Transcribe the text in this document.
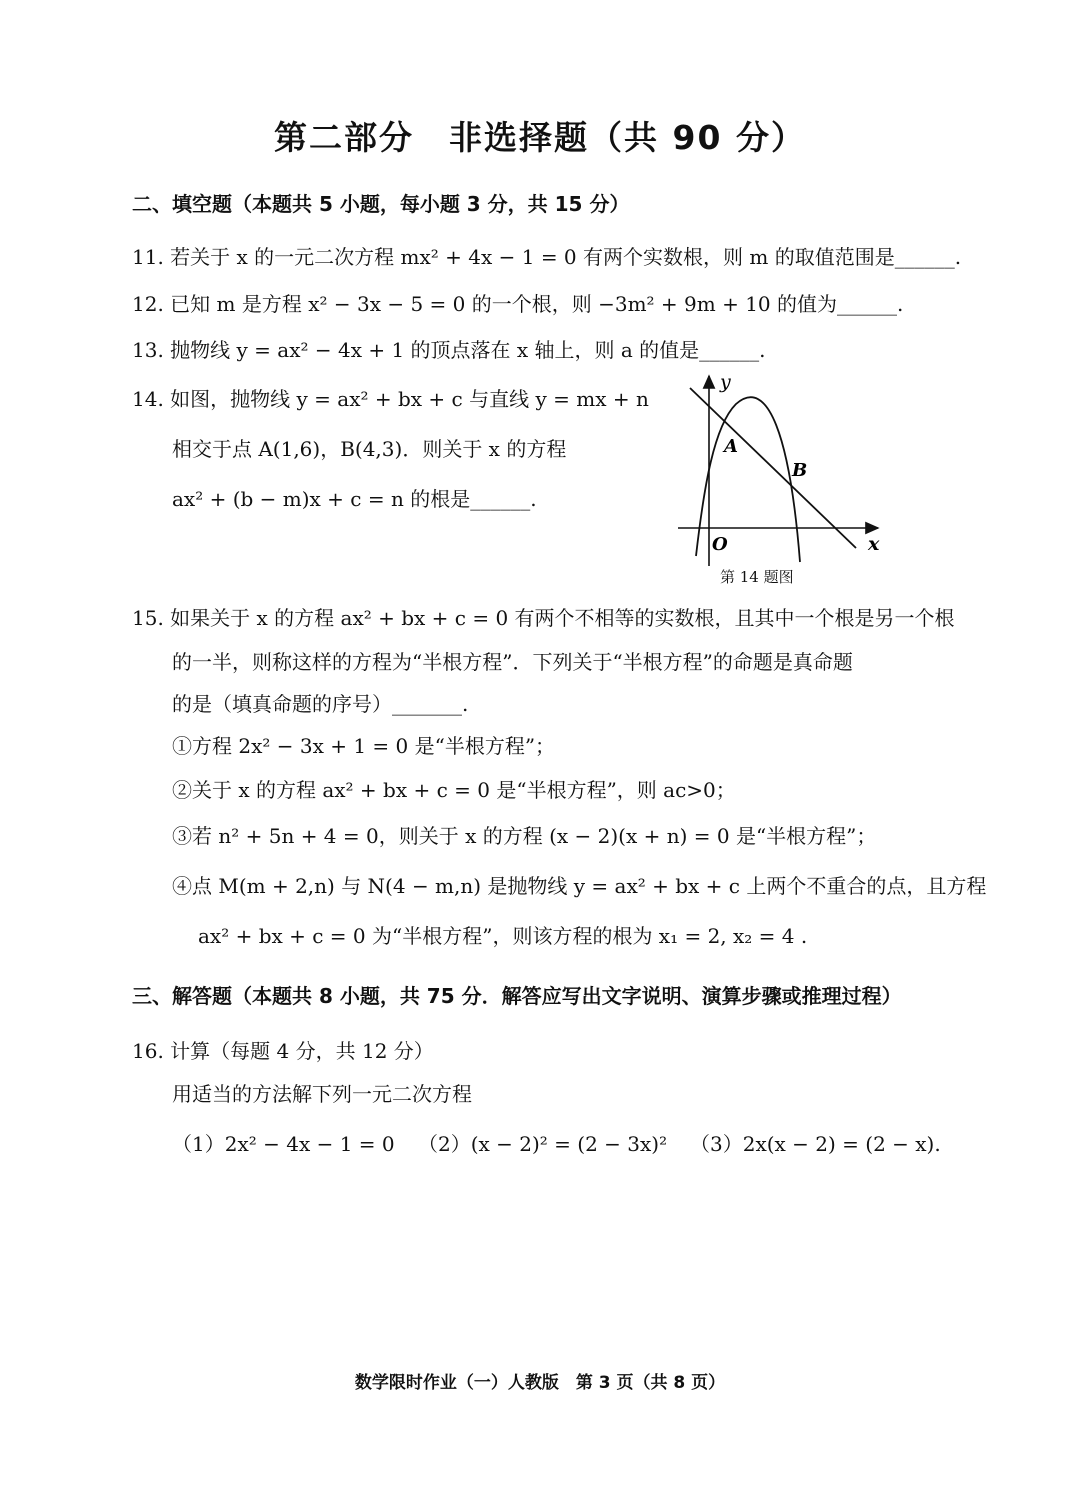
第二部分　非选择题（共 90 分）
二、填空题（本题共 5 小题，每小题 3 分，共 15 分）
11. 若关于 x 的一元二次方程 mx² + 4x − 1 = 0 有两个实数根，则 m 的取值范围是______.
12. 已知 m 是方程 x² − 3x − 5 = 0 的一个根，则 −3m² + 9m + 10 的值为______.
13. 抛物线 y = ax² − 4x + 1 的顶点落在 x 轴上，则 a 的值是______.
14. 如图，抛物线 y = ax² + bx + c 与直线 y = mx + n
相交于点 A(1,6)，B(4,3)．则关于 x 的方程
ax² + (b − m)x + c = n 的根是______.
y
x
O
A
B
第 14 题图
15. 如果关于 x 的方程 ax² + bx + c = 0 有两个不相等的实数根，且其中一个根是另一个根
的一半，则称这样的方程为“半根方程”．下列关于“半根方程”的命题是真命题
的是（填真命题的序号）_______.
①方程 2x² − 3x + 1 = 0 是“半根方程”；
②关于 x 的方程 ax² + bx + c = 0 是“半根方程”，则 ac>0；
③若 n² + 5n + 4 = 0，则关于 x 的方程 (x − 2)(x + n) = 0 是“半根方程”；
④点 M(m + 2,n) 与 N(4 − m,n) 是抛物线 y = ax² + bx + c 上两个不重合的点，且方程
ax² + bx + c = 0 为“半根方程”，则该方程的根为 x₁ = 2, x₂ = 4 .
三、解答题（本题共 8 小题，共 75 分．解答应写出文字说明、演算步骤或推理过程）
16. 计算（每题 4 分，共 12 分）
用适当的方法解下列一元二次方程
（1）2x² − 4x − 1 = 0 （2）(x − 2)² = (2 − 3x)² （3）2x(x − 2) = (2 − x).
数学限时作业（一）人教版　第 3 页（共 8 页）
